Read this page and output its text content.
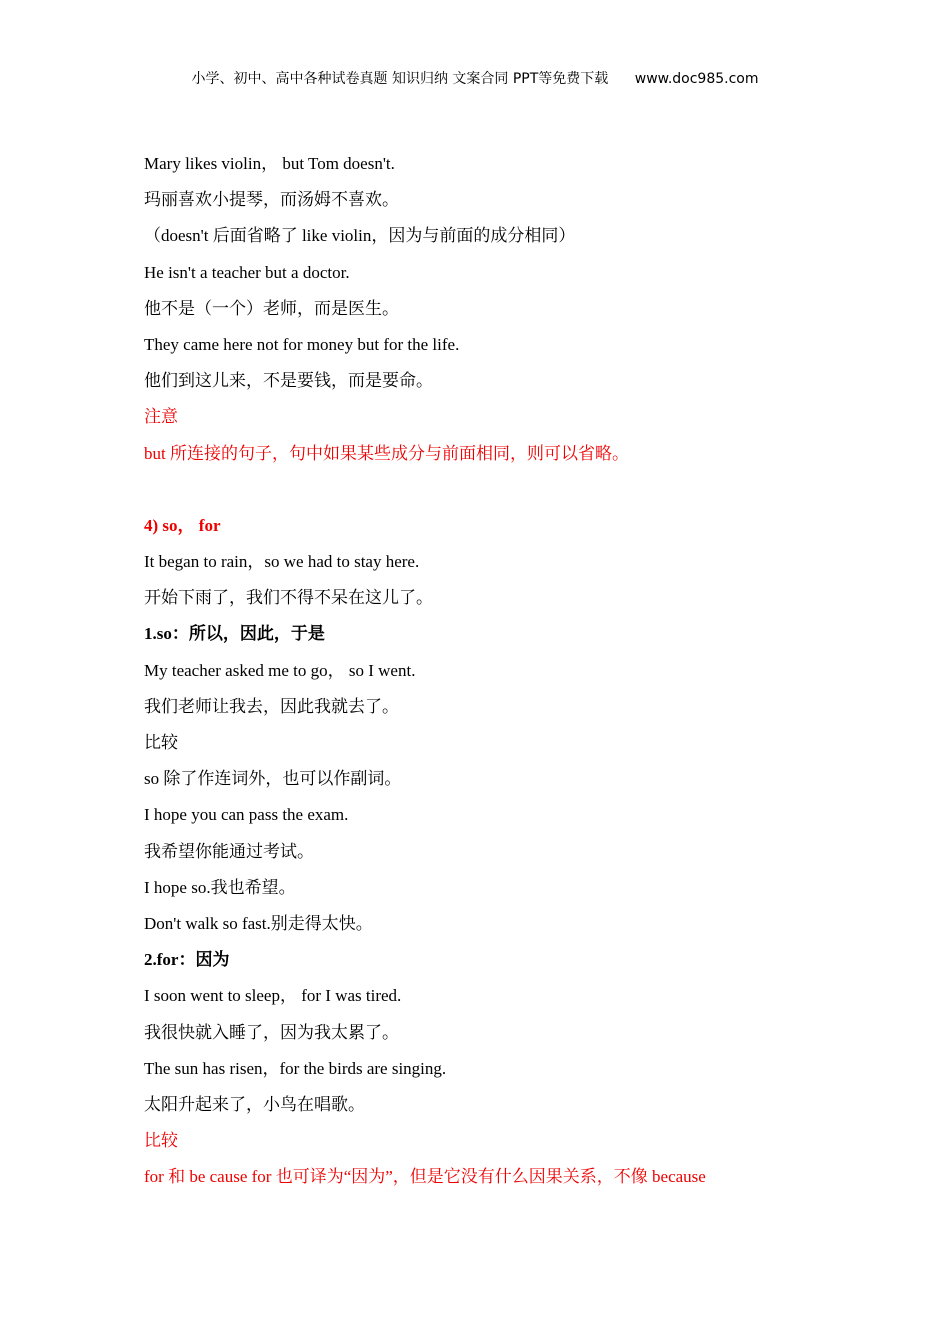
小学、初中、高中各种试卷真题 知识归纳 文案合同 PPT等免费下载 www.doc985.com
Mary likes violin， but Tom doesn't.
玛丽喜欢小提琴，而汤姆不喜欢。
（doesn't 后面省略了 like violin，因为与前面的成分相同）
He isn't a teacher but a doctor.
他不是（一个）老师，而是医生。
They came here not for money but for the life.
他们到这儿来，不是要钱，而是要命。
注意
but 所连接的句子，句中如果某些成分与前面相同，则可以省略。
4) so， for
It began to rain，so we had to stay here.
开始下雨了，我们不得不呆在这儿了。
1.so：所以，因此，于是
My teacher asked me to go， so I went.
我们老师让我去，因此我就去了。
比较
so 除了作连词外，也可以作副词。
I hope you can pass the exam.
我希望你能通过考试。
I hope so.我也希望。
Don't walk so fast.别走得太快。
2.for：因为
I soon went to sleep， for I was tired.
我很快就入睡了，因为我太累了。
The sun has risen，for the birds are singing.
太阳升起来了，小鸟在唱歌。
比较
for 和 be cause for 也可译为“因为”，但是它没有什么因果关系，不像 because
